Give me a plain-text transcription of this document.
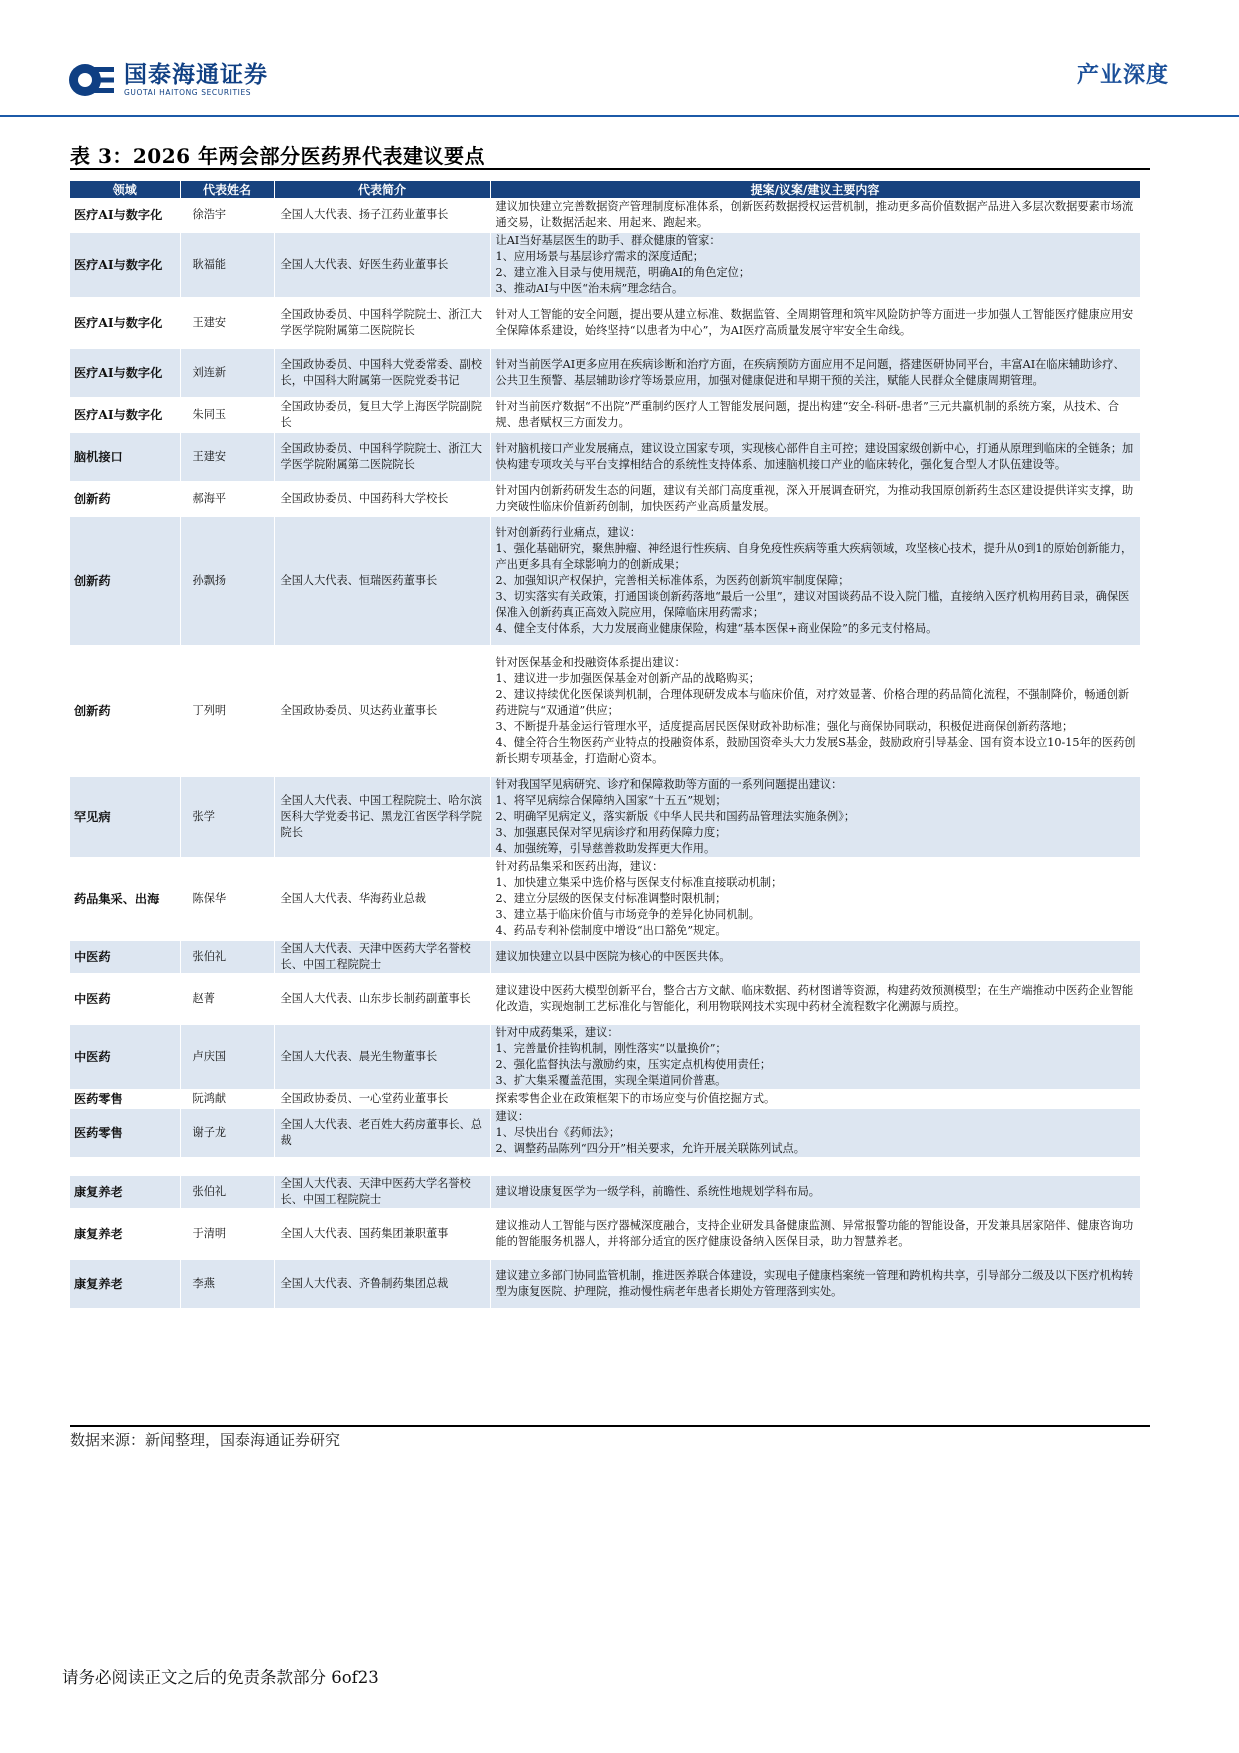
国泰海通证券
GUOTAI HAITONG SECURITIES
产业深度
表 3：2026 年两会部分医药界代表建议要点
领域	代表姓名	代表简介	提案/议案/建议主要内容
医疗AI与数字化	徐浩宇	全国人大代表、扬子江药业董事长	建议加快建立完善数据资产管理制度标准体系，创新医药数据授权运营机制，推动更多高价值数据产品进入多层次数据要素市场流通交易，让数据活起来、用起来、跑起来。
医疗AI与数字化	耿福能	全国人大代表、好医生药业董事长	让AI当好基层医生的助手、群众健康的管家：
1、应用场景与基层诊疗需求的深度适配；
2、建立准入目录与使用规范，明确AI的角色定位；
3、推动AI与中医“治未病”理念结合。
医疗AI与数字化	王建安	全国政协委员、中国科学院院士、浙江大学医学院附属第二医院院长	针对人工智能的安全问题，提出要从建立标准、数据监管、全周期管理和筑牢风险防护等方面进一步加强人工智能医疗健康应用安全保障体系建设，始终坚持“以患者为中心”，为AI医疗高质量发展守牢安全生命线。
医疗AI与数字化	刘连新	全国政协委员、中国科大党委常委、副校长，中国科大附属第一医院党委书记	针对当前医学AI更多应用在疾病诊断和治疗方面，在疾病预防方面应用不足问题，搭建医研协同平台，丰富AI在临床辅助诊疗、公共卫生预警、基层辅助诊疗等场景应用，加强对健康促进和早期干预的关注，赋能人民群众全健康周期管理。
医疗AI与数字化	朱同玉	全国政协委员，复旦大学上海医学院副院长	针对当前医疗数据“不出院”严重制约医疗人工智能发展问题，提出构建“安全-科研-患者”三元共赢机制的系统方案，从技术、合规、患者赋权三方面发力。
脑机接口	王建安	全国政协委员、中国科学院院士、浙江大学医学院附属第二医院院长	针对脑机接口产业发展痛点，建议设立国家专项，实现核心部件自主可控；建设国家级创新中心，打通从原理到临床的全链条；加快构建专项攻关与平台支撑相结合的系统性支持体系、加速脑机接口产业的临床转化，强化复合型人才队伍建设等。
创新药	郝海平	全国政协委员、中国药科大学校长	针对国内创新药研发生态的问题，建议有关部门高度重视，深入开展调查研究，为推动我国原创新药生态区建设提供详实支撑，助力突破性临床价值新药创制，加快医药产业高质量发展。
创新药	孙飘扬	全国人大代表、恒瑞医药董事长	针对创新药行业痛点，建议：
1、强化基础研究，聚焦肿瘤、神经退行性疾病、自身免疫性疾病等重大疾病领域，攻坚核心技术，提升从0到1的原始创新能力，产出更多具有全球影响力的创新成果；
2、加强知识产权保护，完善相关标准体系，为医药创新筑牢制度保障；
3、切实落实有关政策，打通国谈创新药落地“最后一公里”，建议对国谈药品不设入院门槛，直接纳入医疗机构用药目录，确保医保准入创新药真正高效入院应用，保障临床用药需求；
4、健全支付体系，大力发展商业健康保险，构建“基本医保+商业保险”的多元支付格局。
创新药	丁列明	全国政协委员、贝达药业董事长	针对医保基金和投融资体系提出建议：
1、建议进一步加强医保基金对创新产品的战略购买；
2、建议持续优化医保谈判机制，合理体现研发成本与临床价值，对疗效显著、价格合理的药品简化流程，不强制降价，畅通创新药进院与“双通道”供应；
3、不断提升基金运行管理水平，适度提高居民医保财政补助标准；强化与商保协同联动，积极促进商保创新药落地；
4、健全符合生物医药产业特点的投融资体系，鼓励国资牵头大力发展S基金，鼓励政府引导基金、国有资本设立10-15年的医药创新长期专项基金，打造耐心资本。
罕见病	张学	全国人大代表、中国工程院院士、哈尔滨医科大学党委书记、黑龙江省医学科学院院长	针对我国罕见病研究、诊疗和保障救助等方面的一系列问题提出建议：
1、将罕见病综合保障纳入国家“十五五”规划；
2、明确罕见病定义，落实新版《中华人民共和国药品管理法实施条例》；
3、加强惠民保对罕见病诊疗和用药保障力度；
4、加强统筹，引导慈善救助发挥更大作用。
药品集采、出海	陈保华	全国人大代表、华海药业总裁	针对药品集采和医药出海，建议：
1、加快建立集采中选价格与医保支付标准直接联动机制；
2、建立分层级的医保支付标准调整时限机制；
3、建立基于临床价值与市场竞争的差异化协同机制。
4、药品专利补偿制度中增设“出口豁免”规定。
中医药	张伯礼	全国人大代表、天津中医药大学名誉校长、中国工程院院士	建议加快建立以县中医院为核心的中医医共体。
中医药	赵菁	全国人大代表、山东步长制药副董事长	建议建设中医药大模型创新平台，整合古方文献、临床数据、药材图谱等资源，构建药效预测模型；在生产端推动中医药企业智能化改造，实现炮制工艺标准化与智能化，利用物联网技术实现中药材全流程数字化溯源与质控。
中医药	卢庆国	全国人大代表、晨光生物董事长	针对中成药集采，建议：
1、完善量价挂钩机制，刚性落实“以量换价”；
2、强化监督执法与激励约束，压实定点机构使用责任；
3、扩大集采覆盖范围，实现全渠道同价普惠。
医药零售	阮鸿献	全国政协委员、一心堂药业董事长	探索零售企业在政策框架下的市场应变与价值挖掘方式。
医药零售	谢子龙	全国人大代表、老百姓大药房董事长、总裁	建议：
1、尽快出台《药师法》；
2、调整药品陈列“四分开”相关要求，允许开展关联陈列试点。

康复养老	张伯礼	全国人大代表、天津中医药大学名誉校长、中国工程院院士	建议增设康复医学为一级学科，前瞻性、系统性地规划学科布局。
康复养老	于清明	全国人大代表、国药集团兼职董事	建议推动人工智能与医疗器械深度融合，支持企业研发具备健康监测、异常报警功能的智能设备，开发兼具居家陪伴、健康咨询功能的智能服务机器人，并将部分适宜的医疗健康设备纳入医保目录，助力智慧养老。
康复养老	李燕	全国人大代表、齐鲁制药集团总裁	建议建立多部门协同监管机制，推进医养联合体建设，实现电子健康档案统一管理和跨机构共享，引导部分二级及以下医疗机构转型为康复医院、护理院，推动慢性病老年患者长期处方管理落到实处。
数据来源：新闻整理，国泰海通证券研究
请务必阅读正文之后的免责条款部分 6of23
